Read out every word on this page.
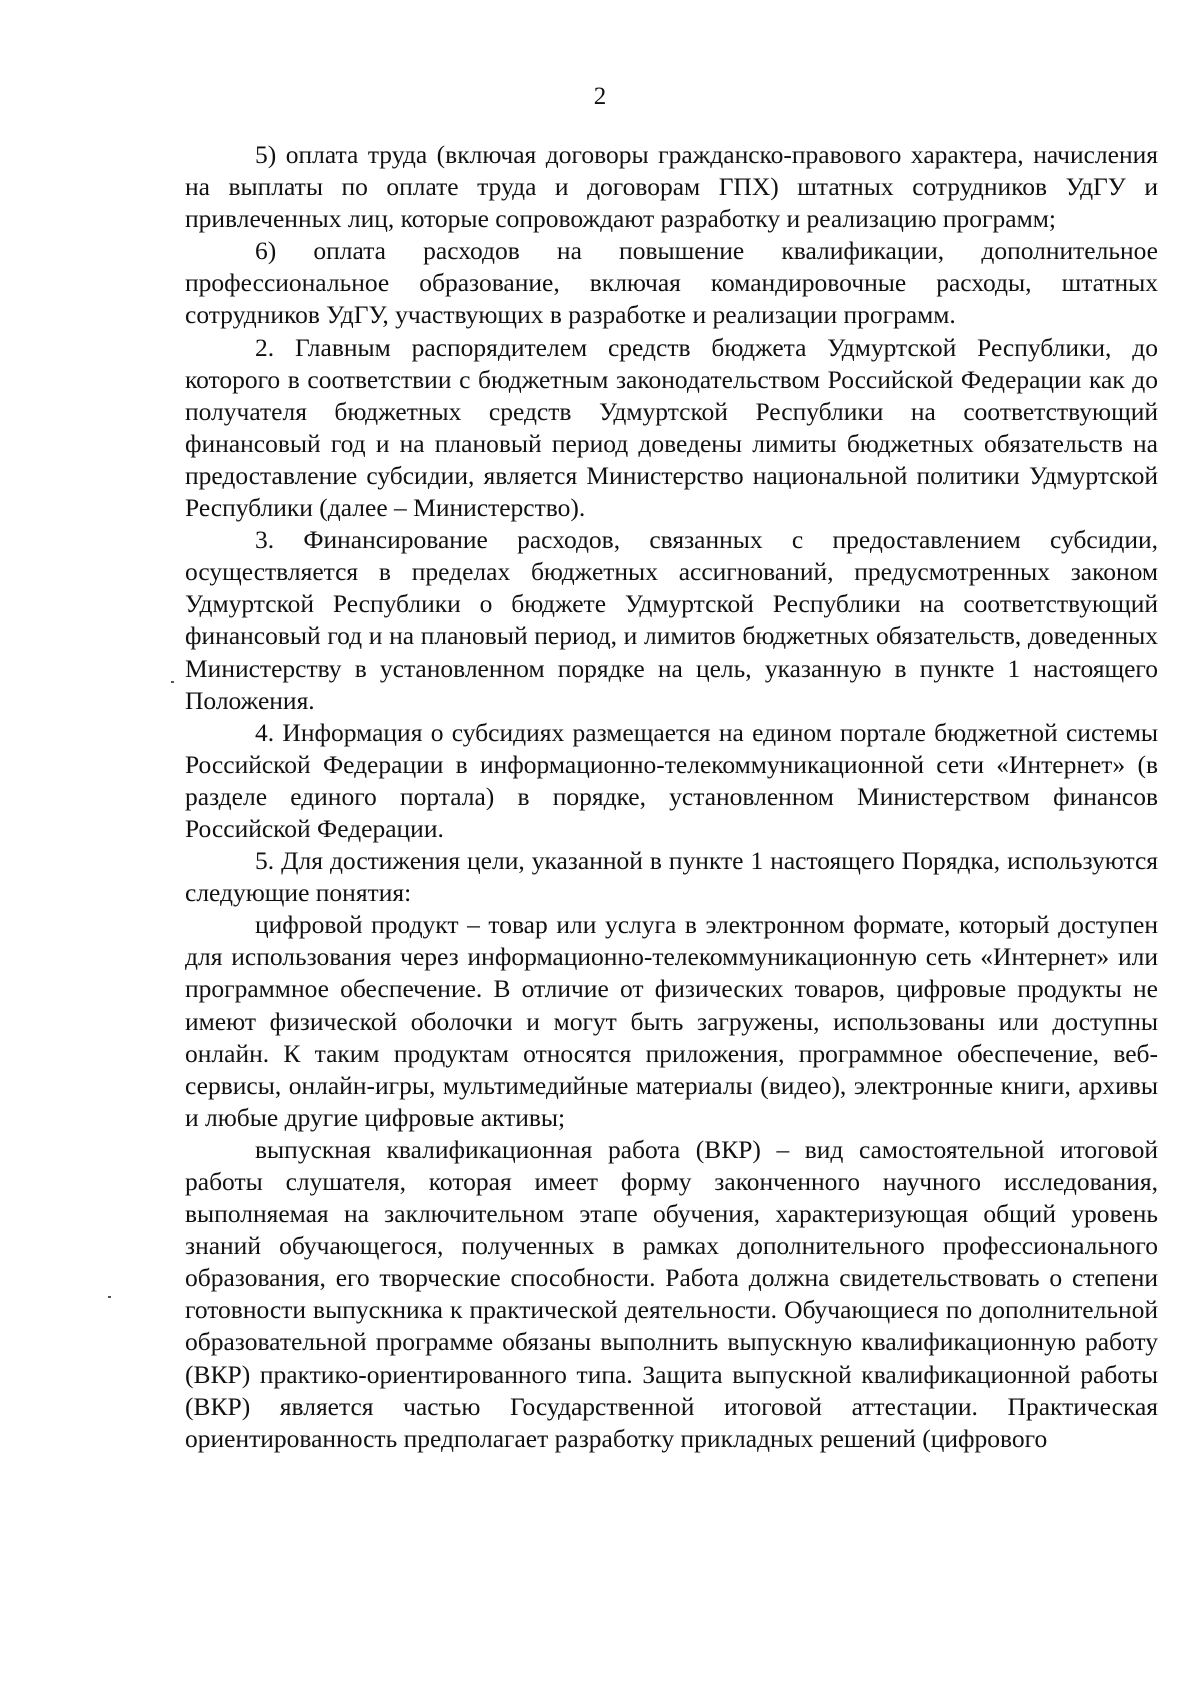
2

5) оплата труда (включая договоры гражданско-правового характера, начисления на выплаты по оплате труда и договорам ГПХ) штатных сотрудников УдГУ и привлеченных лиц, которые сопровождают разработку и реализацию программ;

6) оплата расходов на повышение квалификации, дополнительное профессиональное образование, включая командировочные расходы, штатных сотрудников УдГУ, участвующих в разработке и реализации программ.

2. Главным распорядителем средств бюджета Удмуртской Республики, до которого в соответствии с бюджетным законодательством Российской Федерации как до получателя бюджетных средств Удмуртской Республики на соответствующий финансовый год и на плановый период доведены лимиты бюджетных обязательств на предоставление субсидии, является Министерство национальной политики Удмуртской Республики (далее – Министерство).

3. Финансирование расходов, связанных с предоставлением субсидии, осуществляется в пределах бюджетных ассигнований, предусмотренных законом Удмуртской Республики о бюджете Удмуртской Республики на соответствующий финансовый год и на плановый период, и лимитов бюджетных обязательств, доведенных Министерству в установленном порядке на цель, указанную в пункте 1 настоящего Положения.

4. Информация о субсидиях размещается на едином портале бюджетной системы Российской Федерации в информационно-телекоммуникационной сети «Интернет» (в разделе единого портала) в порядке, установленном Министерством финансов Российской Федерации.

5. Для достижения цели, указанной в пункте 1 настоящего Порядка, используются следующие понятия:

цифровой продукт – товар или услуга в электронном формате, который доступен для использования через информационно-телекоммуникационную сеть «Интернет» или программное обеспечение. В отличие от физических товаров, цифровые продукты не имеют физической оболочки и могут быть загружены, использованы или доступны онлайн. К таким продуктам относятся приложения, программное обеспечение, веб-сервисы, онлайн-игры, мультимедийные материалы (видео), электронные книги, архивы и любые другие цифровые активы;

выпускная квалификационная работа (ВКР) – вид самостоятельной итоговой работы слушателя, которая имеет форму законченного научного исследования, выполняемая на заключительном этапе обучения, характеризующая общий уровень знаний обучающегося, полученных в рамках дополнительного профессионального образования, его творческие способности. Работа должна свидетельствовать о степени готовности выпускника к практической деятельности. Обучающиеся по дополнительной образовательной программе обязаны выполнить выпускную квалификационную работу (ВКР) практико-ориентированного типа. Защита выпускной квалификационной работы (ВКР) является частью Государственной итоговой аттестации. Практическая ориентированность предполагает разработку прикладных решений (цифрового
